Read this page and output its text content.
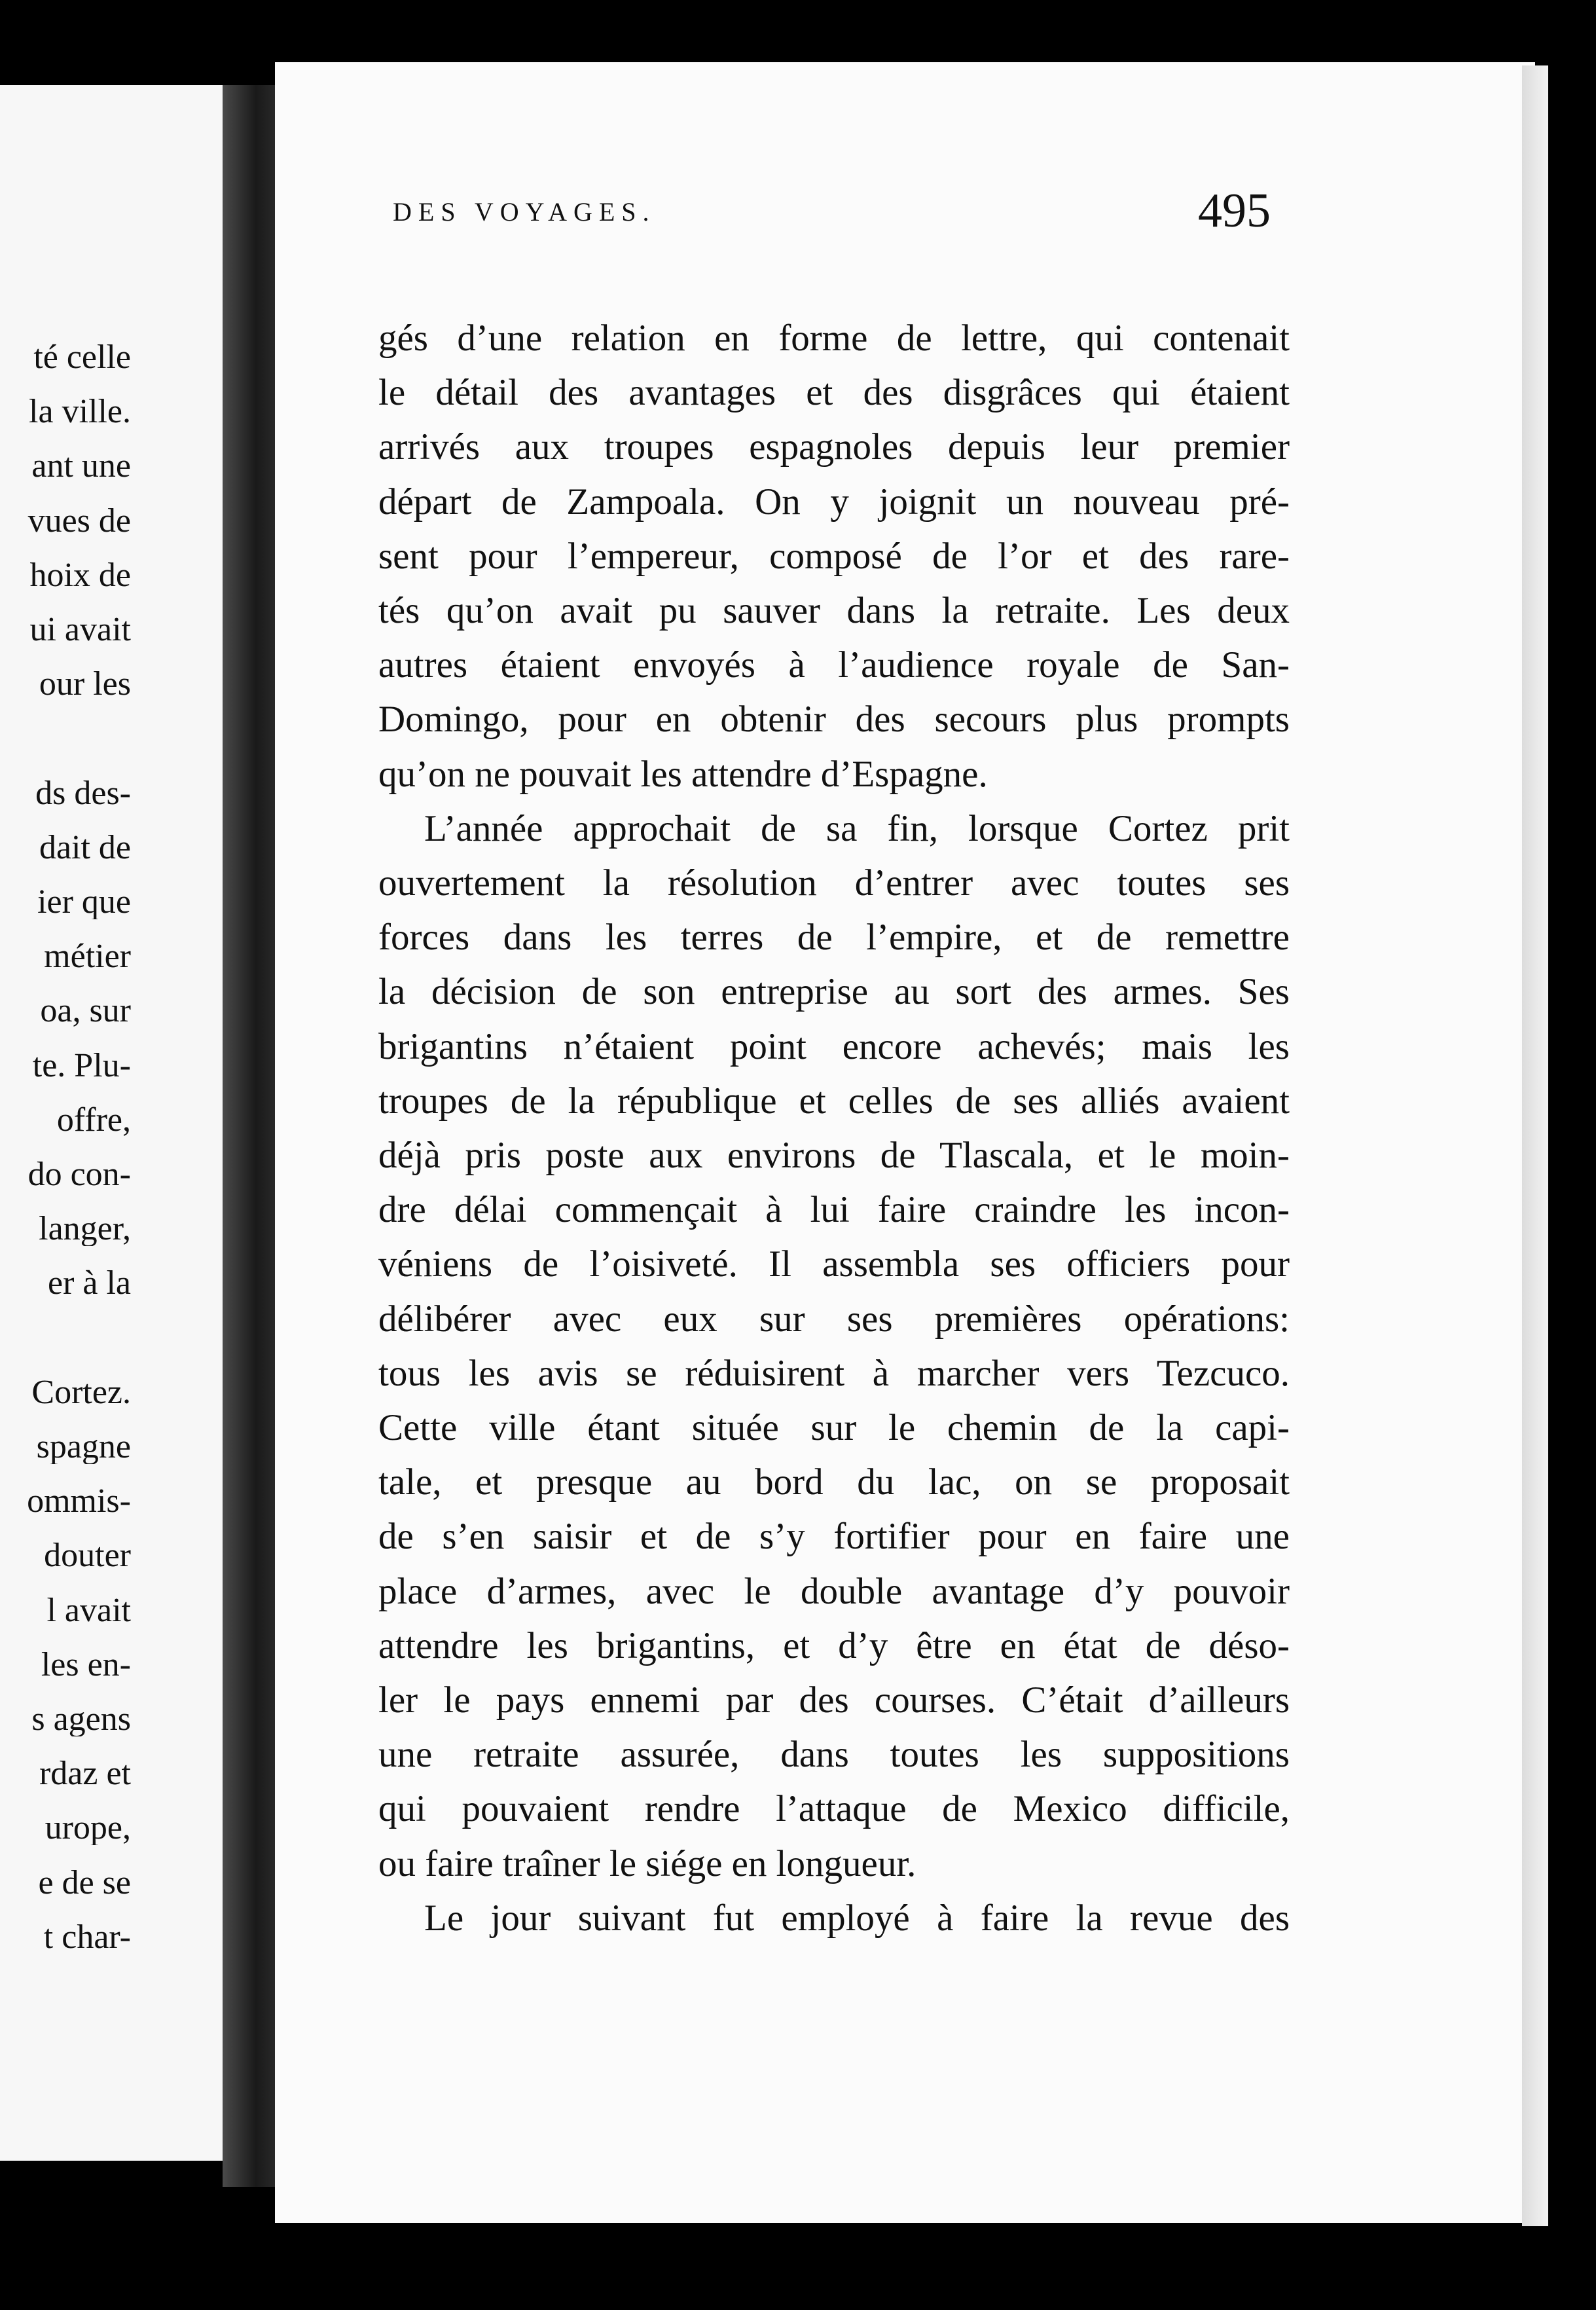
DES VOYAGES.	495
té celle
la ville.
ant une
vues de
hoix de
ui avait
our les
ds des-
dait de
ier que
métier
oa, sur
te. Plu-
offre,
do con-
langer,
er à la
Cortez.
spagne
ommis-
douter
l avait
les en-
s agens
rdaz et
urope,
e de se
t char-
gés d’une relation en forme de lettre, qui contenait
le détail des avantages et des disgrâces qui étaient
arrivés aux troupes espagnoles depuis leur premier
départ de Zampoala. On y joignit un nouveau pré-
sent pour l’empereur, composé de l’or et des rare-
tés qu’on avait pu sauver dans la retraite. Les deux
autres étaient envoyés à l’audience royale de San-
Domingo, pour en obtenir des secours plus prompts
qu’on ne pouvait les attendre d’Espagne.
L’année approchait de sa fin, lorsque Cortez prit
ouvertement la résolution d’entrer avec toutes ses
forces dans les terres de l’empire, et de remettre
la décision de son entreprise au sort des armes. Ses
brigantins n’étaient point encore achevés; mais les
troupes de la république et celles de ses alliés avaient
déjà pris poste aux environs de Tlascala, et le moin-
dre délai commençait à lui faire craindre les incon-
véniens de l’oisiveté. Il assembla ses officiers pour
délibérer avec eux sur ses premières opérations:
tous les avis se réduisirent à marcher vers Tezcuco.
Cette ville étant située sur le chemin de la capi-
tale, et presque au bord du lac, on se proposait
de s’en saisir et de s’y fortifier pour en faire une
place d’armes, avec le double avantage d’y pouvoir
attendre les brigantins, et d’y être en état de déso-
ler le pays ennemi par des courses. C’était d’ailleurs
une retraite assurée, dans toutes les suppositions
qui pouvaient rendre l’attaque de Mexico difficile,
ou faire traîner le siége en longueur.
Le jour suivant fut employé à faire la revue des
